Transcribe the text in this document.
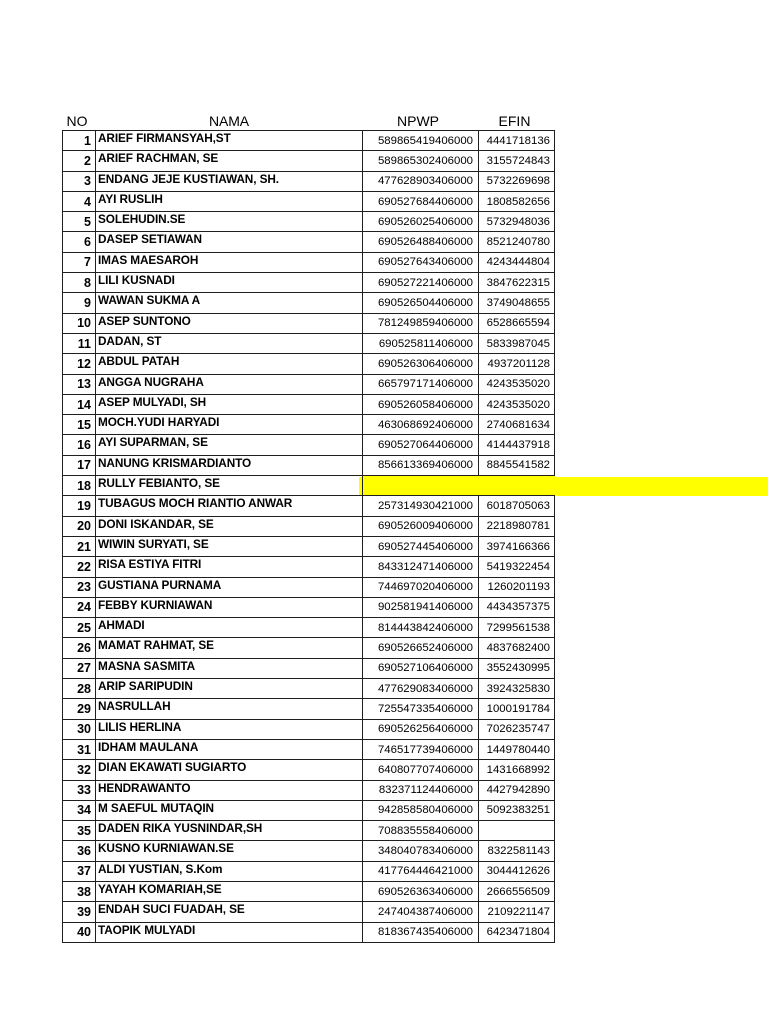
NO	NAMA	NPWP	EFIN
1	ARIEF FIRMANSYAH,ST	589865419406000	4441718136
2	ARIEF RACHMAN, SE	589865302406000	3155724843
3	ENDANG JEJE KUSTIAWAN, SH.	477628903406000	5732269698
4	AYI RUSLIH	690527684406000	1808582656
5	SOLEHUDIN.SE	690526025406000	5732948036
6	DASEP SETIAWAN	690526488406000	8521240780
7	IMAS MAESAROH	690527643406000	4243444804
8	LILI KUSNADI	690527221406000	3847622315
9	WAWAN SUKMA A	690526504406000	3749048655
10	ASEP SUNTONO	781249859406000	6528665594
11	DADAN, ST	690525811406000	5833987045
12	ABDUL PATAH	690526306406000	4937201128
13	ANGGA NUGRAHA	665797171406000	4243535020
14	ASEP MULYADI, SH	690526058406000	4243535020
15	MOCH.YUDI HARYADI	463068692406000	2740681634
16	AYI SUPARMAN, SE	690527064406000	4144437918
17	NANUNG KRISMARDIANTO	856613369406000	8845541582
18	RULLY FEBIANTO, SE		
19	TUBAGUS MOCH RIANTIO ANWAR	257314930421000	6018705063
20	DONI ISKANDAR, SE	690526009406000	2218980781
21	WIWIN SURYATI, SE	690527445406000	3974166366
22	RISA ESTIYA FITRI	843312471406000	5419322454
23	GUSTIANA PURNAMA	744697020406000	1260201193
24	FEBBY KURNIAWAN	902581941406000	4434357375
25	AHMADI	814443842406000	7299561538
26	MAMAT RAHMAT, SE	690526652406000	4837682400
27	MASNA SASMITA	690527106406000	3552430995
28	ARIP SARIPUDIN	477629083406000	3924325830
29	NASRULLAH	725547335406000	1000191784
30	LILIS HERLINA	690526256406000	7026235747
31	IDHAM MAULANA	746517739406000	1449780440
32	DIAN EKAWATI SUGIARTO	640807707406000	1431668992
33	HENDRAWANTO	832371124406000	4427942890
34	M SAEFUL MUTAQIN	942858580406000	5092383251
35	DADEN RIKA YUSNINDAR,SH	708835558406000	
36	KUSNO KURNIAWAN.SE	348040783406000	8322581143
37	ALDI YUSTIAN, S.Kom	417764446421000	3044412626
38	YAYAH KOMARIAH,SE	690526363406000	2666556509
39	ENDAH SUCI FUADAH, SE	247404387406000	2109221147
40	TAOPIK MULYADI	818367435406000	6423471804
